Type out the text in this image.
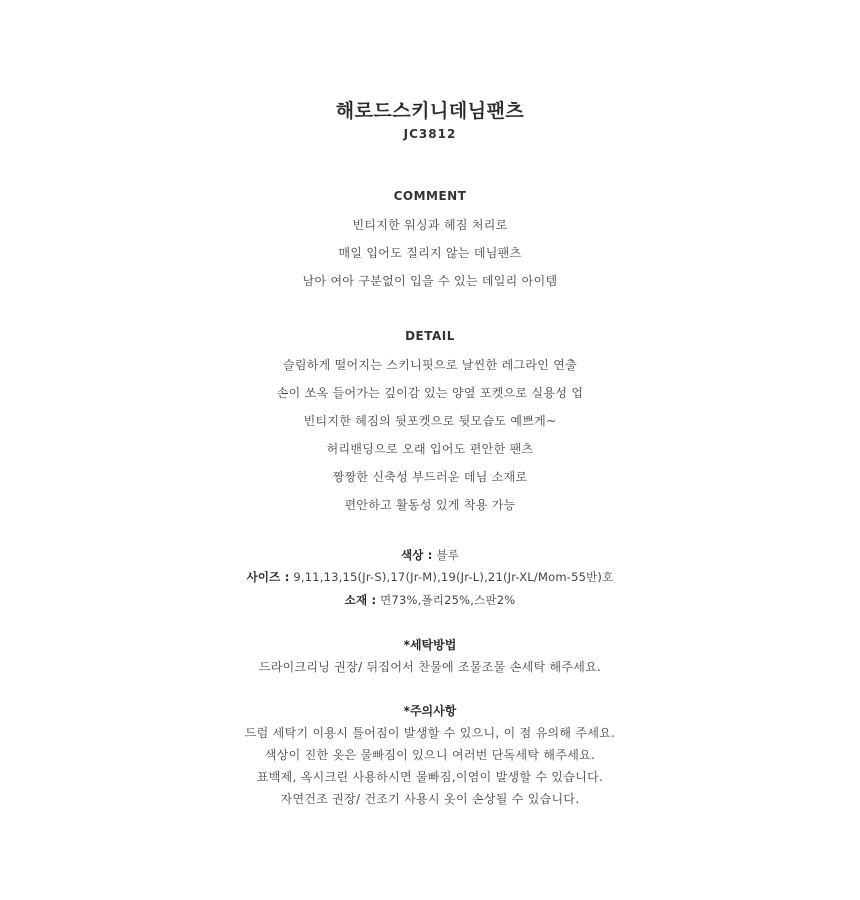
해로드스키니데님팬츠
JC3812
COMMENT
빈티지한 워싱과 헤짐 처리로
매일 입어도 질리지 않는 데님팬츠
남아 여아 구분없이 입을 수 있는 데일리 아이템
DETAIL
슬림하게 떨어지는 스키니핏으로 날씬한 레그라인 연출
손이 쏘옥 들어가는 깊이감 있는 양옆 포켓으로 실용성 업
빈티지한 헤짐의 뒷포켓으로 뒷모습도 예쁘게~
허리밴딩으로 오래 입어도 편안한 팬츠
짱짱한 신축성 부드러운 데님 소재로
편안하고 활동성 있게 착용 가능
색상 : 블루
사이즈 : 9,11,13,15(Jr-S),17(Jr-M),19(Jr-L),21(Jr-XL/Mom-55반)호
소재 : 면73%,폴리25%,스판2%
*세탁방법
드라이크리닝 권장/ 뒤집어서 찬물에 조물조물 손세탁 해주세요.
*주의사항
드럼 세탁기 이용시 틀어짐이 발생할 수 있으니, 이 점 유의해 주세요.
색상이 진한 옷은 물빠짐이 있으니 여러번 단독세탁 해주세요.
표백제, 옥시크린 사용하시면 물빠짐,이염이 발생할 수 있습니다.
자연건조 권장/ 건조기 사용시 옷이 손상될 수 있습니다.
